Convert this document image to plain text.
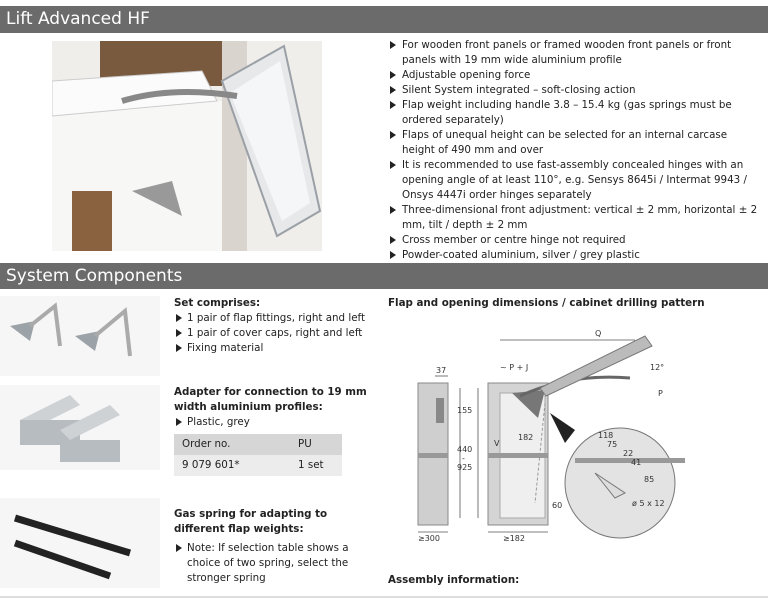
Lift Advanced HF
For wooden front panels or framed wooden front panels or front panels with 19 mm wide aluminium profile
Adjustable opening force
Silent System integrated – soft-closing action
Flap weight including handle 3.8 – 15.4 kg (gas springs must be ordered separately)
Flaps of unequal height can be selected for an internal carcase height of 490 mm and over
It is recommended to use fast-assembly concealed hinges with an opening angle of at least 110°, e.g. Sensys 8645i / Intermat 9943 / Onsys 4447i order hinges separately
Three-dimensional front adjustment: vertical ± 2 mm, horizontal ± 2 mm, tilt / depth ± 2 mm
Cross member or centre hinge not required
Powder-coated aluminium, silver / grey plastic
System Components
Set comprises:
1 pair of flap fittings, right and left
1 pair of cover caps, right and left
Fixing material
Adapter for connection to 19 mm width aluminium profiles:
Plastic, grey
Order no.	PU
9 079 601*	1 set
Gas spring for adapting to different flap weights:
Note: If selection table shows a choice of two spring, select the stronger spring
Flap and opening dimensions / cabinet drilling pattern
Q
37	~ P + J	12°
P
155
440
-
925
V
182	118
75
22
41
85
60	ø 5 x 12
≥300	≥182
Assembly information:
